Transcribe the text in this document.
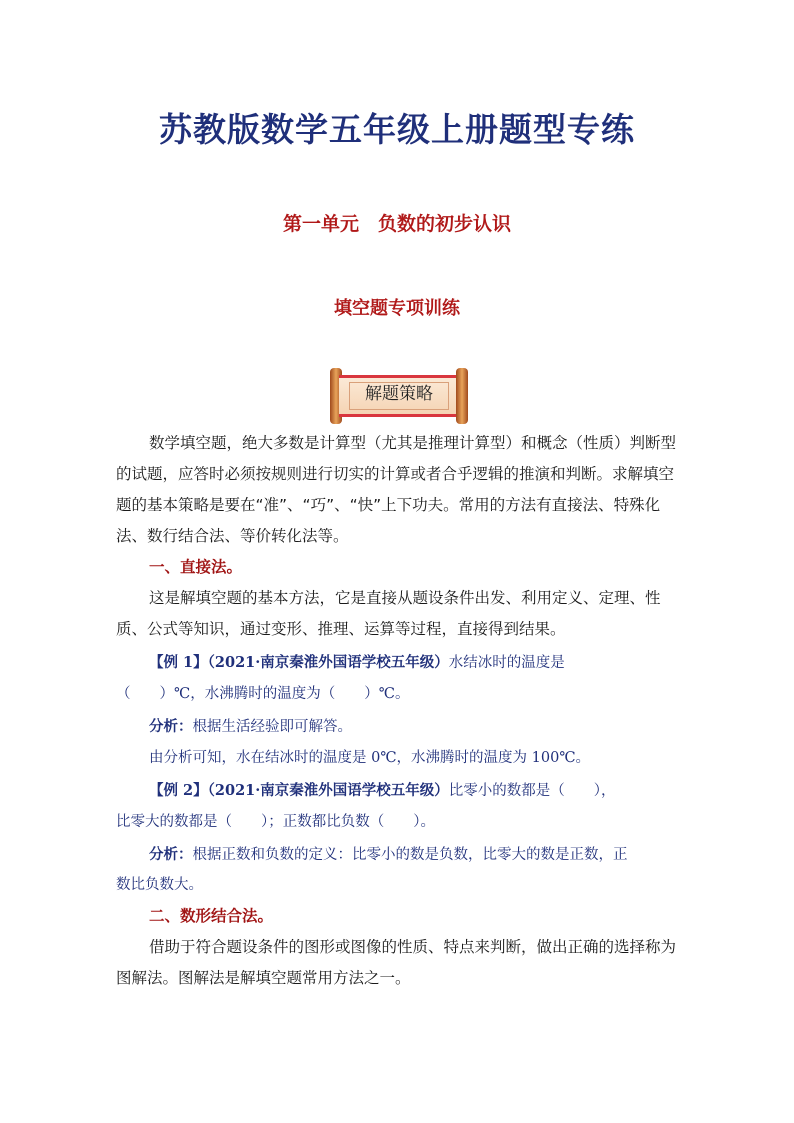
苏教版数学五年级上册题型专练
第一单元　负数的初步认识
填空题专项训练
解题策略

数学填空题，绝大多数是计算型（尤其是推理计算型）和概念（性质）判断型的试题，应答时必须按规则进行切实的计算或者合乎逻辑的推演和判断。求解填空题的基本策略是要在“准”、“巧”、“快”上下功夫。常用的方法有直接法、特殊化法、数行结合法、等价转化法等。

一、直接法。

这是解填空题的基本方法，它是直接从题设条件出发、利用定义、定理、性质、公式等知识，通过变形、推理、运算等过程，直接得到结果。

【例 1】（2021·南京秦淮外国语学校五年级）水结冰时的温度是
（　　）℃，水沸腾时的温度为（　　）℃。
分析：根据生活经验即可解答。
由分析可知，水在结冰时的温度是 0℃，水沸腾时的温度为 100℃。
【例 2】（2021·南京秦淮外国语学校五年级）比零小的数都是（　　），
比零大的数都是（　　）；正数都比负数（　　）。
分析：根据正数和负数的定义：比零小的数是负数，比零大的数是正数，正
数比负数大。

二、数形结合法。

借助于符合题设条件的图形或图像的性质、特点来判断，做出正确的选择称为图解法。图解法是解填空题常用方法之一。
